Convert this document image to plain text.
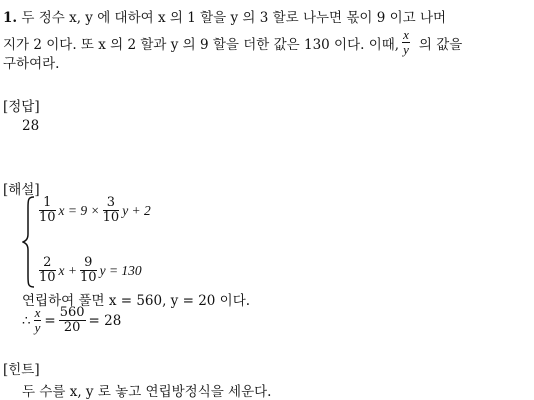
1. 두 정수 x, y 에 대하여 x 의 1 할을 y 의 3 할로 나누면 몫이 9 이고 나머
지가 2 이다. 또 x 의 2 할과 y 의 9 할을 더한 값은 130 이다. 이때, $\frac{x}{y}$ 의 값을
구하여라.
[정답]
28
[해설]
$\frac{1}{10}$ $x = 9 \times \frac{3}{10}$ y + 2
$\frac{2}{10}$ $x + \frac{9}{10}$ y = 130
연립하여 풀면 x = 560, y = 20 이다.
∴ $\frac{x}{y} = \frac{560}{20} = 28$
[힌트]
두 수를 x, y 로 놓고 연립방정식을 세운다.
